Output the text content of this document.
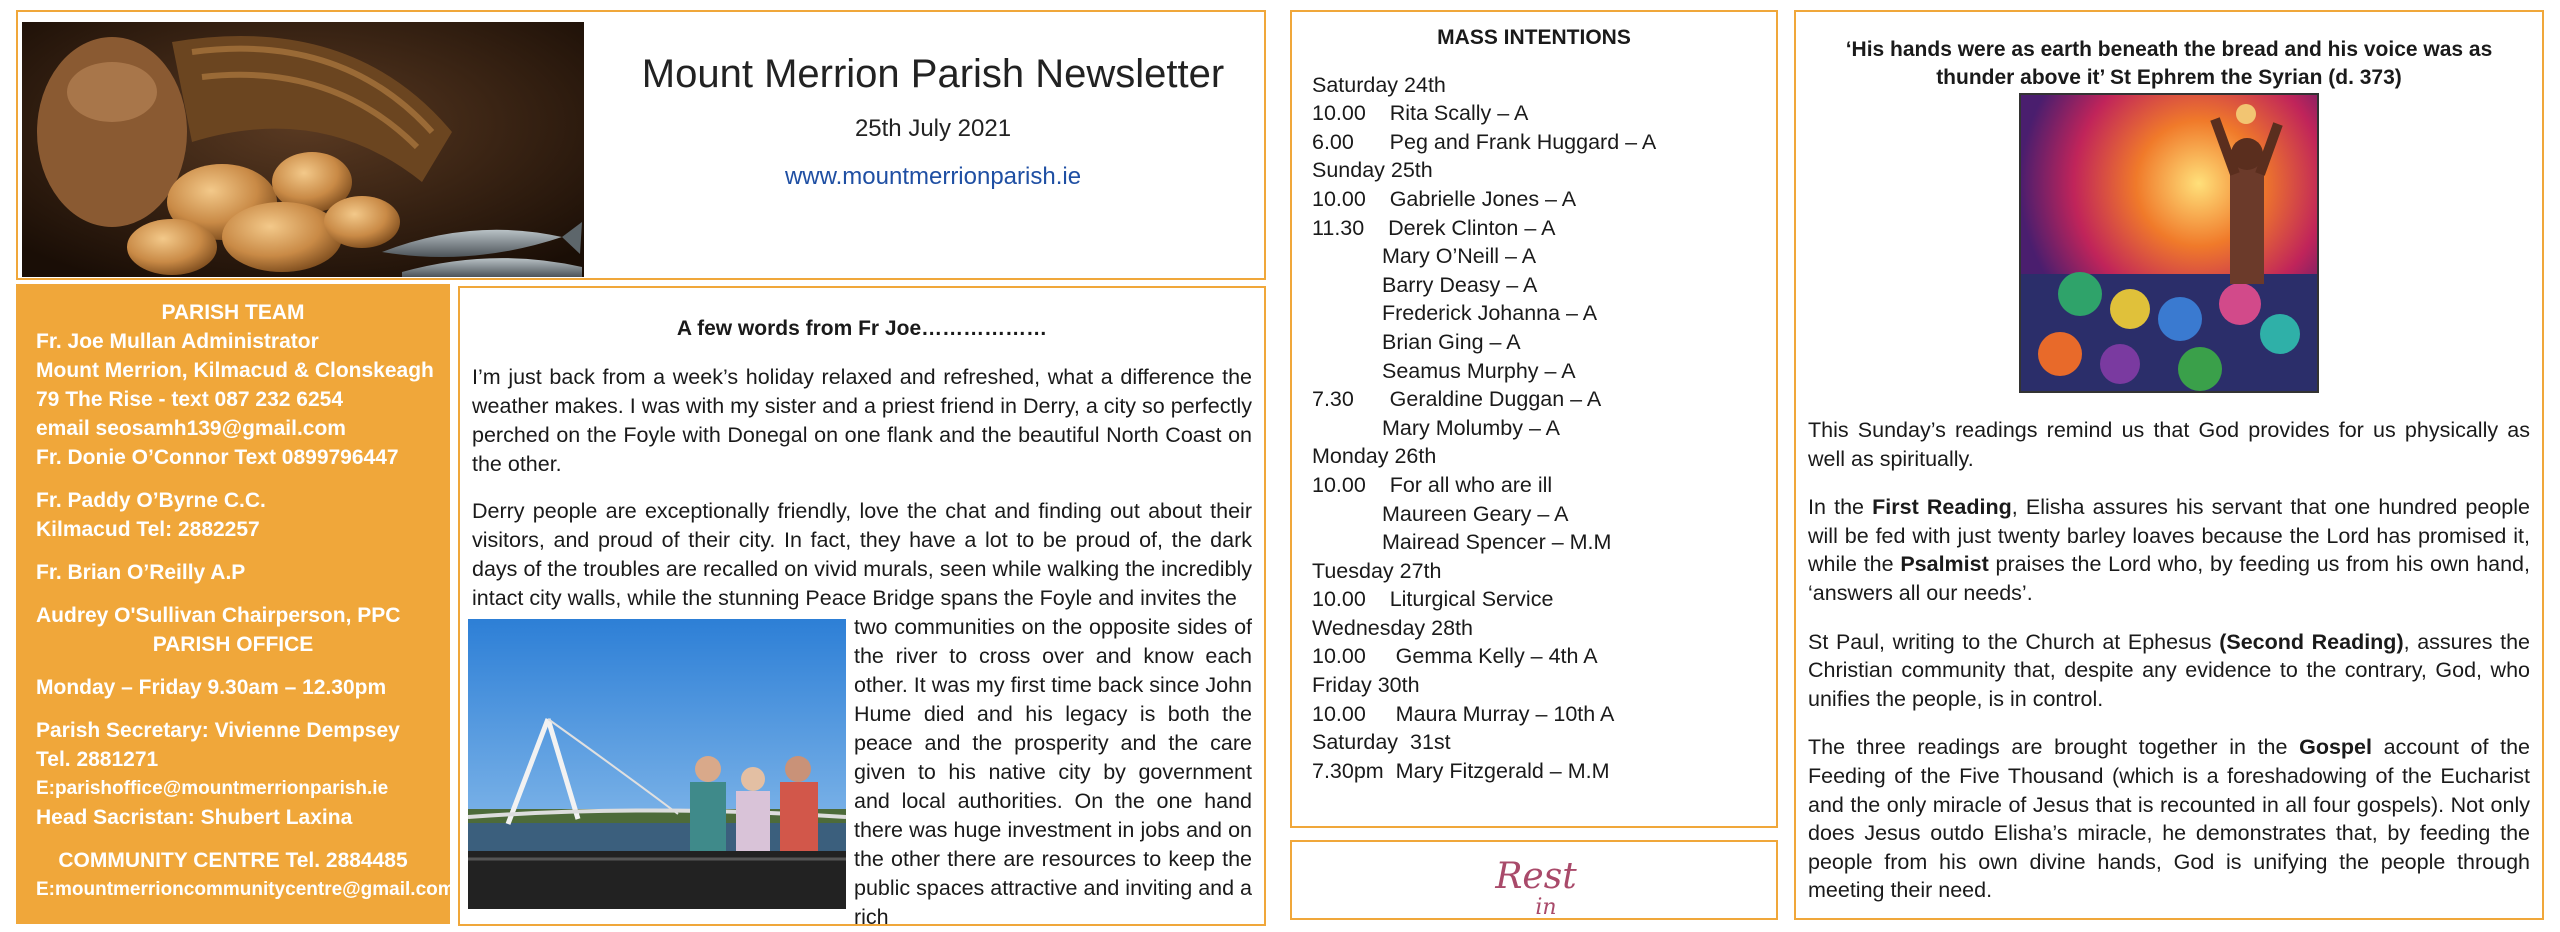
Mount Merrion Parish Newsletter
25th July 2021
www.mountmerrionparish.ie
PARISH TEAM
Fr. Joe Mullan Administrator
Mount Merrion, Kilmacud & Clonskeagh
79 The Rise - text 087 232 6254
email seosamh139@gmail.com
Fr. Donie O’Connor Text 0899796447
Fr. Paddy O’Byrne C.C.
Kilmacud Tel: 2882257
Fr. Brian O’Reilly A.P
Audrey O'Sullivan Chairperson, PPC
PARISH OFFICE
Monday – Friday 9.30am – 12.30pm
Parish Secretary: Vivienne Dempsey
Tel. 2881271
E:parishoffice@mountmerrionparish.ie
Head Sacristan: Shubert Laxina
COMMUNITY CENTRE Tel. 2884485
E:mountmerrioncommunitycentre@gmail.com
A few words from Fr Joe………………

I’m just back from a week’s holiday relaxed and refreshed, what a difference the weather makes. I was with my sister and a priest friend in Derry, a city so perfectly perched on the Foyle with Donegal on one flank and the beautiful North Coast on the other.

Derry people are exceptionally friendly, love the chat and finding out about their visitors, and proud of their city. In fact, they have a lot to be proud of, the dark days of the troubles are recalled on vivid murals, seen while walking the incredibly intact city walls, while the stunning Peace Bridge spans the Foyle and invites the

two communities on the opposite sides of the river to cross over and know each other. It was my first time back since John Hume died and his legacy is both the peace and the prosperity and the care given to his native city by government and local authorities. On the one hand there was huge investment in jobs and on the other there are resources to keep the public spaces attractive and inviting and a rich

MASS INTENTIONS
Saturday 24th
10.00    Rita Scally – A
6.00      Peg and Frank Huggard – A
Sunday 25th
10.00    Gabrielle Jones – A
11.30    Derek Clinton – A
Mary O’Neill – A
Barry Deasy – A
Frederick Johanna – A
Brian Ging – A
Seamus Murphy – A
7.30      Geraldine Duggan – A
Mary Molumby – A
Monday 26th
10.00    For all who are ill
Maureen Geary – A
Mairead Spencer – M.M
Tuesday 27th
10.00    Liturgical Service
Wednesday 28th
10.00     Gemma Kelly – 4th A
Friday 30th
10.00     Maura Murray – 10th A
Saturday  31st
7.30pm  Mary Fitzgerald – M.M
Rest
in
‘His hands were as earth beneath the bread and his voice was as thunder above it’ St Ephrem the Syrian (d. 373)

This Sunday’s readings remind us that God provides for us physically as well as spiritually.

In the First Reading, Elisha assures his servant that one hundred people will be fed with just twenty barley loaves because the Lord has promised it, while the Psalmist praises the Lord who, by feeding us from his own hand, ‘answers all our needs’.

St Paul, writing to the Church at Ephesus (Second Reading), assures the Christian community that, despite any evidence to the contrary, God, who unifies the people, is in control.

The three readings are brought together in the Gospel account of the Feeding of the Five Thousand (which is a foreshadowing of the Eucharist and the only miracle of Jesus that is recounted in all four gospels). Not only does Jesus outdo Elisha’s miracle, he demonstrates that, by feeding the people from his own divine hands, God is unifying the people through meeting their need.
